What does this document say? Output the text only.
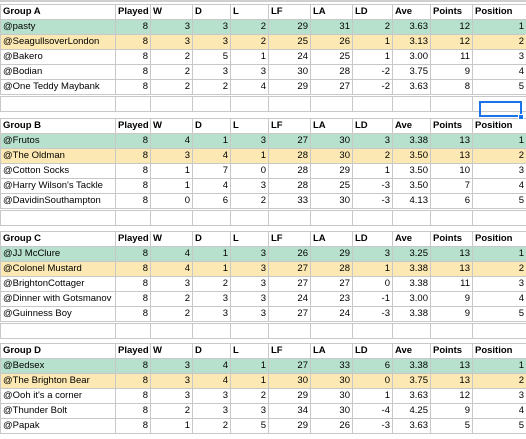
Group A	Played	W	D	L	LF	LA	LD	Ave	Points	Position
@pasty	8	3	3	2	29	31	2	3.63	12	1
@SeagullsoverLondon	8	3	3	2	25	26	1	3.13	12	2
@Bakero	8	2	5	1	24	25	1	3.00	11	3
@Bodian	8	2	3	3	30	28	-2	3.75	9	4
@One Teddy Maybank	8	2	2	4	29	27	-2	3.63	8	5

Group B	Played	W	D	L	LF	LA	LD	Ave	Points	Position
@Frutos	8	4	1	3	27	30	3	3.38	13	1
@The Oldman	8	3	4	1	28	30	2	3.50	13	2
@Cotton Socks	8	1	7	0	28	29	1	3.50	10	3
@Harry Wilson's Tackle	8	1	4	3	28	25	-3	3.50	7	4
@DavidinSouthampton	8	0	6	2	33	30	-3	4.13	6	5

Group C	Played	W	D	L	LF	LA	LD	Ave	Points	Position
@JJ McClure	8	4	1	3	26	29	3	3.25	13	1
@Colonel Mustard	8	4	1	3	27	28	1	3.38	13	2
@BrightonCottager	8	3	2	3	27	27	0	3.38	11	3
@Dinner with Gotsmanov	8	2	3	3	24	23	-1	3.00	9	4
@Guinness Boy	8	2	3	3	27	24	-3	3.38	9	5

Group D	Played	W	D	L	LF	LA	LD	Ave	Points	Position
@Bedsex	8	3	4	1	27	33	6	3.38	13	1
@The Brighton Bear	8	3	4	1	30	30	0	3.75	13	2
@Ooh it's a corner	8	3	3	2	29	30	1	3.63	12	3
@Thunder Bolt	8	2	3	3	34	30	-4	4.25	9	4
@Papak	8	1	2	5	29	26	-3	3.63	5	5
